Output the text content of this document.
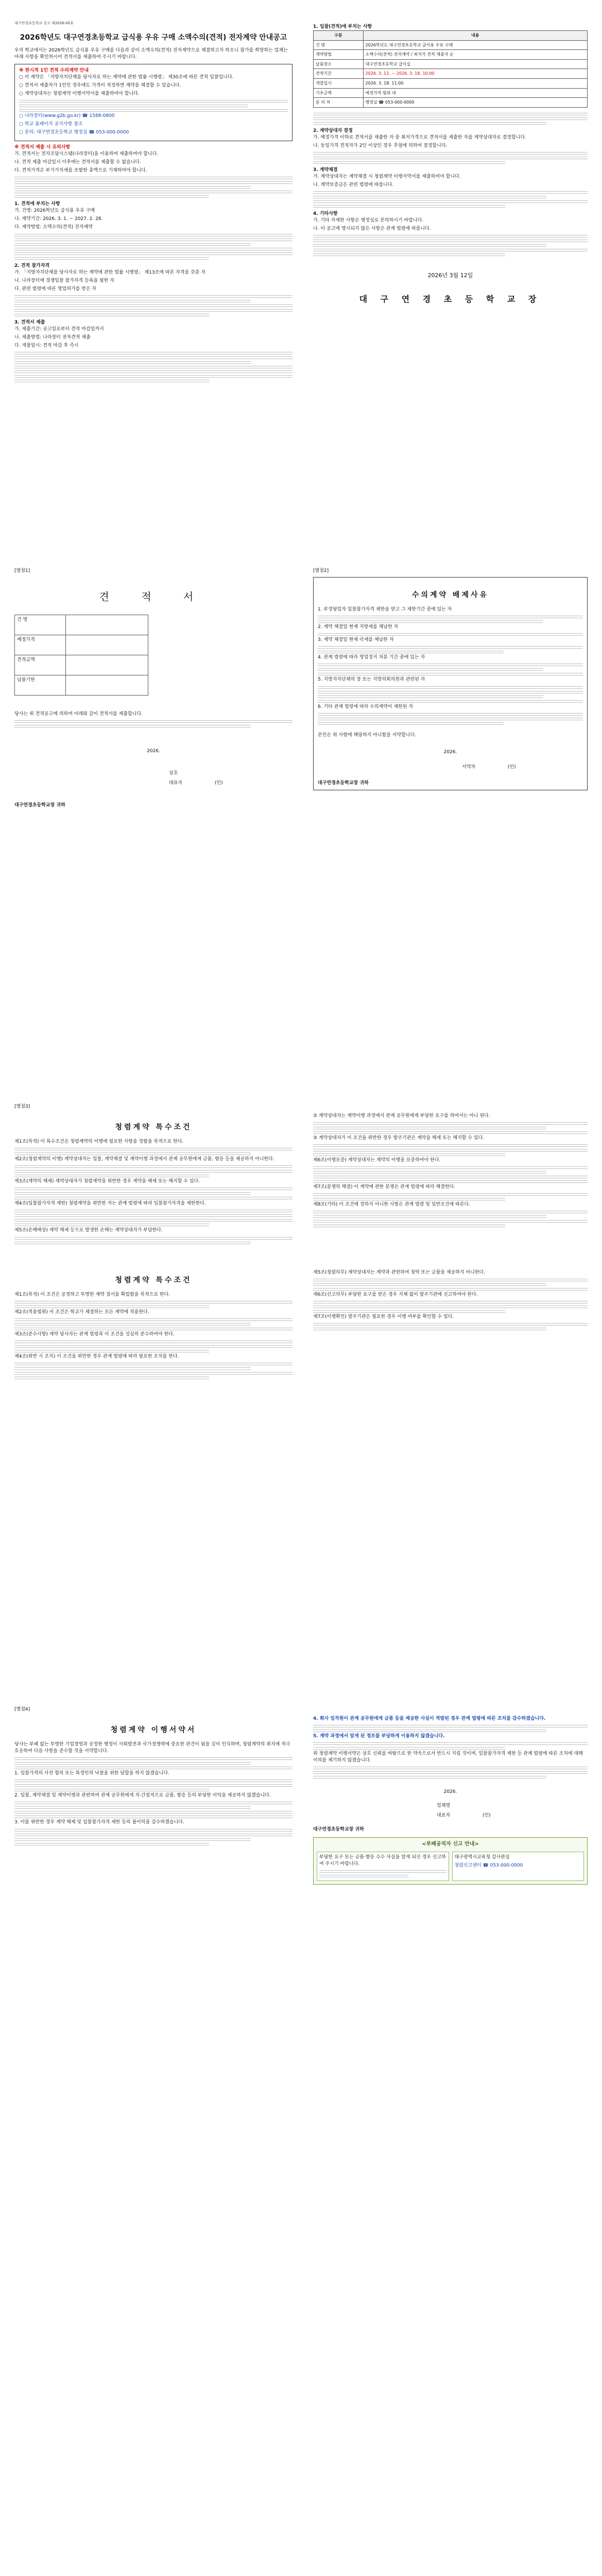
대구연경초등학교 공고 제2026-00호
2026학년도 대구연경초등학교 급식용 우유 구매 소액수의(견적) 전자계약 안내공고

우리 학교에서는 2026학년도 급식용 우유 구매를 다음과 같이 소액수의(견적) 전자계약으로 체결하고자 하오니 참가를 희망하는 업체는 아래 사항을 확인하시어 견적서를 제출하여 주시기 바랍니다.

※ 한시적 1인 견적 수의계약 안내

○ 이 계약은 「지방자치단체를 당사자로 하는 계약에 관한 법률 시행령」 제30조에 따른 견적 입찰입니다.

○ 견적서 제출자가 1인인 경우에도 가격이 적정하면 계약을 체결할 수 있습니다.

○ 계약상대자는 청렴계약 이행서약서를 제출하여야 합니다.

○ 나라장터(www.g2b.go.kr) ☎ 1588-0800

○ 학교 홈페이지 공지사항 참조

○ 문의: 대구연경초등학교 행정실 ☎ 053-000-0000

※ 견적서 제출 시 유의사항

가. 견적서는 전자조달시스템(나라장터)을 이용하여 제출하여야 합니다.

나. 견적 제출 마감일시 이후에는 견적서를 제출할 수 없습니다.

다. 견적가격은 부가가치세를 포함한 총액으로 기재하여야 합니다.

1. 견적에 부치는 사항

가. 건명: 2026학년도 급식용 우유 구매

나. 계약기간: 2026. 3. 1. ~ 2027. 2. 28.

다. 계약방법: 소액수의(견적) 전자계약

2. 견적 참가자격

가. 「지방자치단체를 당사자로 하는 계약에 관한 법률 시행령」 제13조에 따른 자격을 갖춘 자

나. 나라장터에 경쟁입찰 참가자격 등록을 필한 자

다. 관련 법령에 따른 영업허가를 받은 자

3. 견적서 제출

가. 제출기간: 공고일로부터 견적 마감일까지

나. 제출방법: 나라장터 전자견적 제출

다. 개찰일시: 견적 마감 후 즉시

1. 입찰(견적)에 부치는 사항
구분	내용
건 명	2026학년도 대구연경초등학교 급식용 우유 구매
계약방법	소액수의(견적) 전자계약 / 최저가 견적 제출자 순
납품장소	대구연경초등학교 급식실
견적기간	2026. 3. 12. ~ 2026. 3. 18. 10:00
개찰일시	2026. 3. 18. 11:00
기초금액	예정가격 범위 내
문 의 처	행정실 ☎ 053-000-0000
2. 계약상대자 결정

가. 예정가격 이하로 견적서를 제출한 자 중 최저가격으로 견적서를 제출한 자를 계약상대자로 결정합니다.

나. 동일가격 견적자가 2인 이상인 경우 추첨에 의하여 결정합니다.

3. 계약체결

가. 계약상대자는 계약체결 시 청렴계약 이행서약서를 제출하여야 합니다.

나. 계약보증금은 관련 법령에 따릅니다.

4. 기타사항

가. 기타 자세한 사항은 행정실로 문의하시기 바랍니다.

나. 이 공고에 명시되지 않은 사항은 관계 법령에 따릅니다.

2026년 3월 12일
대 구 연 경 초 등 학 교 장
[별첨1]
견 적 서
건 명	
예정가격	
견적금액	
납품기한	

당사는 위 견적공고에 의하여 아래와 같이 견적서를 제출합니다.

2026.
상호
대표자	(인)
대구연경초등학교장 귀하
[별첨2]
수의계약 배제사유

1. 부정당업자 입찰참가자격 제한을 받고 그 제한기간 중에 있는 자

2. 계약 체결일 현재 지방세를 체납한 자

3. 계약 체결일 현재 국세를 체납한 자

4. 관계 법령에 따라 영업정지 처분 기간 중에 있는 자

5. 지방자치단체의 장 또는 지방의회의원과 관련된 자

6. 기타 관계 법령에 따라 수의계약이 제한된 자

본인은 위 사항에 해당하지 아니함을 서약합니다.

2026.
서약자	(인)
대구연경초등학교장 귀하
[별첨3]
청렴계약 특수조건

제1조(목적) 이 특수조건은 청렴계약의 이행에 필요한 사항을 정함을 목적으로 한다.

제2조(청렴계약의 이행) 계약상대자는 입찰, 계약체결 및 계약이행 과정에서 관계 공무원에게 금품, 향응 등을 제공하지 아니한다.

제3조(계약의 해제) 계약상대자가 청렴계약을 위반한 경우 계약을 해제 또는 해지할 수 있다.

제4조(입찰참가자격 제한) 청렴계약을 위반한 자는 관계 법령에 따라 입찰참가자격을 제한한다.

제5조(손해배상) 계약 해제 등으로 발생한 손해는 계약상대자가 부담한다.

청렴계약 특수조건

제1조(목적) 이 조건은 공정하고 투명한 계약 질서를 확립함을 목적으로 한다.

제2조(적용범위) 이 조건은 학교가 체결하는 모든 계약에 적용한다.

제3조(준수사항) 계약 당사자는 관계 법령과 이 조건을 성실히 준수하여야 한다.

제4조(위반 시 조치) 이 조건을 위반한 경우 관계 법령에 따라 필요한 조치를 한다.

② 계약상대자는 계약이행 과정에서 관계 공무원에게 부당한 요구를 하여서는 아니 된다.

③ 계약상대자가 이 조건을 위반한 경우 발주기관은 계약을 해제 또는 해지할 수 있다.

제6조(이행보증) 계약상대자는 계약의 이행을 보증하여야 한다.

제7조(분쟁의 해결) 이 계약에 관한 분쟁은 관계 법령에 따라 해결한다.

제8조(기타) 이 조건에 정하지 아니한 사항은 관계 법령 및 일반조건에 따른다.

제5조(청렴의무) 계약상대자는 계약과 관련하여 청탁 또는 금품을 제공하지 아니한다.

제6조(신고의무) 부당한 요구를 받은 경우 지체 없이 발주기관에 신고하여야 한다.

제7조(이행확인) 발주기관은 필요한 경우 이행 여부를 확인할 수 있다.

[별첨4]
청렴계약 이행서약서

당사는 부패 없는 투명한 기업경영과 공정한 행정이 사회발전과 국가경쟁력에 중요한 관건이 됨을 깊이 인식하며, 청렴계약의 취지에 적극 호응하여 다음 사항을 준수할 것을 서약합니다.

1. 입찰가격의 사전 협의 또는 특정인의 낙찰을 위한 담합을 하지 않겠습니다.

2. 입찰, 계약체결 및 계약이행과 관련하여 관계 공무원에게 직·간접적으로 금품, 향응 등의 부당한 이익을 제공하지 않겠습니다.

3. 이를 위반한 경우 계약 해제 및 입찰참가자격 제한 등의 불이익을 감수하겠습니다.

4. 회사 임직원이 관계 공무원에게 금품 등을 제공한 사실이 적발된 경우 관계 법령에 따른 조치를 감수하겠습니다.

5. 계약 과정에서 알게 된 정보를 부당하게 이용하지 않겠습니다.

위 청렴계약 이행서약은 상호 신뢰를 바탕으로 한 약속으로서 반드시 지킬 것이며, 입찰참가자격 제한 등 관계 법령에 따른 조치에 대해 이의를 제기하지 않겠습니다.

2026.
업체명
대표자	(인)
대구연경초등학교장 귀하
<부패공직자 신고 안내>

부당한 요구 또는 금품·향응 수수 사실을 알게 되신 경우 신고하여 주시기 바랍니다.

대구광역시교육청 감사관실

청렴신고센터 ☎ 053-000-0000
